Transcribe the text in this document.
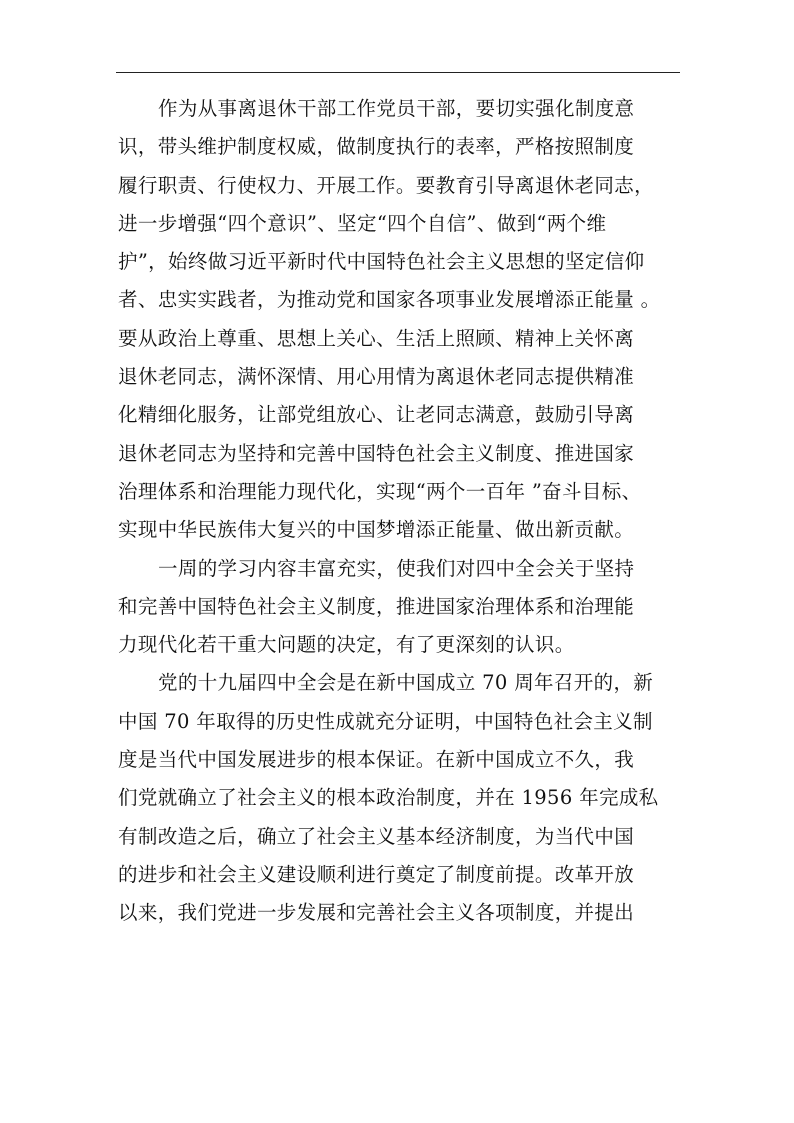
作为从事离退休干部工作党员干部，要切实强化制度意
识，带头维护制度权威，做制度执行的表率，严格按照制度
履行职责、行使权力、开展工作。要教育引导离退休老同志，
进一步增强“四个意识”、坚定“四个自信”、做到“两个维
护”，始终做习近平新时代中国特色社会主义思想的坚定信仰
者、忠实实践者，为推动党和国家各项事业发展增添正能量 。
要从政治上尊重、思想上关心、生活上照顾、精神上关怀离
退休老同志，满怀深情、用心用情为离退休老同志提供精准
化精细化服务，让部党组放心、让老同志满意，鼓励引导离
退休老同志为坚持和完善中国特色社会主义制度、推进国家
治理体系和治理能力现代化，实现“两个一百年 ”奋斗目标、
实现中华民族伟大复兴的中国梦增添正能量、做出新贡献。
一周的学习内容丰富充实，使我们对四中全会关于坚持
和完善中国特色社会主义制度，推进国家治理体系和治理能
力现代化若干重大问题的决定，有了更深刻的认识。
党的十九届四中全会是在新中国成立 70 周年召开的，新
中国 70 年取得的历史性成就充分证明，中国特色社会主义制
度是当代中国发展进步的根本保证。在新中国成立不久，我
们党就确立了社会主义的根本政治制度，并在 1956 年完成私
有制改造之后，确立了社会主义基本经济制度，为当代中国
的进步和社会主义建设顺利进行奠定了制度前提。改革开放
以来，我们党进一步发展和完善社会主义各项制度，并提出
